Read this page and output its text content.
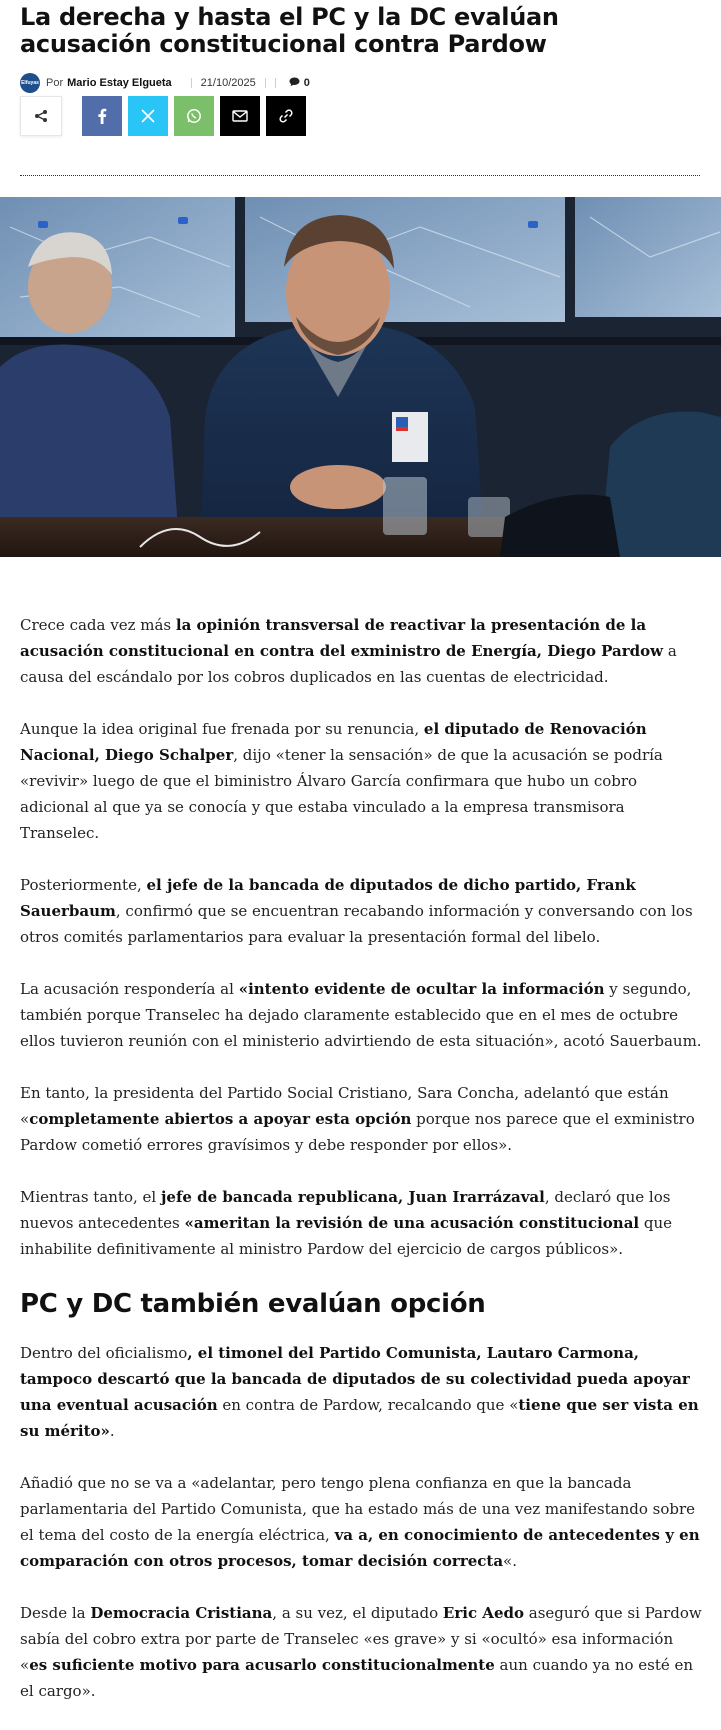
La derecha y hasta el PC y la DC evalúan acusación constitucional contra Pardow
Elfuyas Por Mario Estay Elgueta	21/10/2025	0

Crece cada vez más la opinión transversal de reactivar la presentación de la acusación constitucional en contra del exministro de Energía, Diego Pardow a causa del escándalo por los cobros duplicados en las cuentas de electricidad.

Aunque la idea original fue frenada por su renuncia, el diputado de Renovación Nacional, Diego Schalper, dijo «tener la sensación» de que la acusación se podría «revivir» luego de que el biministro Álvaro García confirmara que hubo un cobro adicional al que ya se conocía y que estaba vinculado a la empresa transmisora Transelec.

Posteriormente, el jefe de la bancada de diputados de dicho partido, Frank Sauerbaum, confirmó que se encuentran recabando información y conversando con los otros comités parlamentarios para evaluar la presentación formal del libelo.

La acusación respondería al «intento evidente de ocultar la información y segundo, también porque Transelec ha dejado claramente establecido que en el mes de octubre ellos tuvieron reunión con el ministerio advirtiendo de esta situación», acotó Sauerbaum.

En tanto, la presidenta del Partido Social Cristiano, Sara Concha, adelantó que están «completamente abiertos a apoyar esta opción porque nos parece que el exministro Pardow cometió errores gravísimos y debe responder por ellos».

Mientras tanto, el jefe de bancada republicana, Juan Irarrázaval, declaró que los nuevos antecedentes «ameritan la revisión de una acusación constitucional que inhabilite definitivamente al ministro Pardow del ejercicio de cargos públicos».

PC y DC también evalúan opción

Dentro del oficialismo, el timonel del Partido Comunista, Lautaro Carmona, tampoco descartó que la bancada de diputados de su colectividad pueda apoyar una eventual acusación en contra de Pardow, recalcando que «tiene que ser vista en su mérito».

Añadió que no se va a «adelantar, pero tengo plena confianza en que la bancada parlamentaria del Partido Comunista, que ha estado más de una vez manifestando sobre el tema del costo de la energía eléctrica, va a, en conocimiento de antecedentes y en comparación con otros procesos, tomar decisión correcta«.

Desde la Democracia Cristiana, a su vez, el diputado Eric Aedo aseguró que si Pardow sabía del cobro extra por parte de Transelec «es grave» y si «ocultó» esa información «es suficiente motivo para acusarlo constitucionalmente aun cuando ya no esté en el cargo».
